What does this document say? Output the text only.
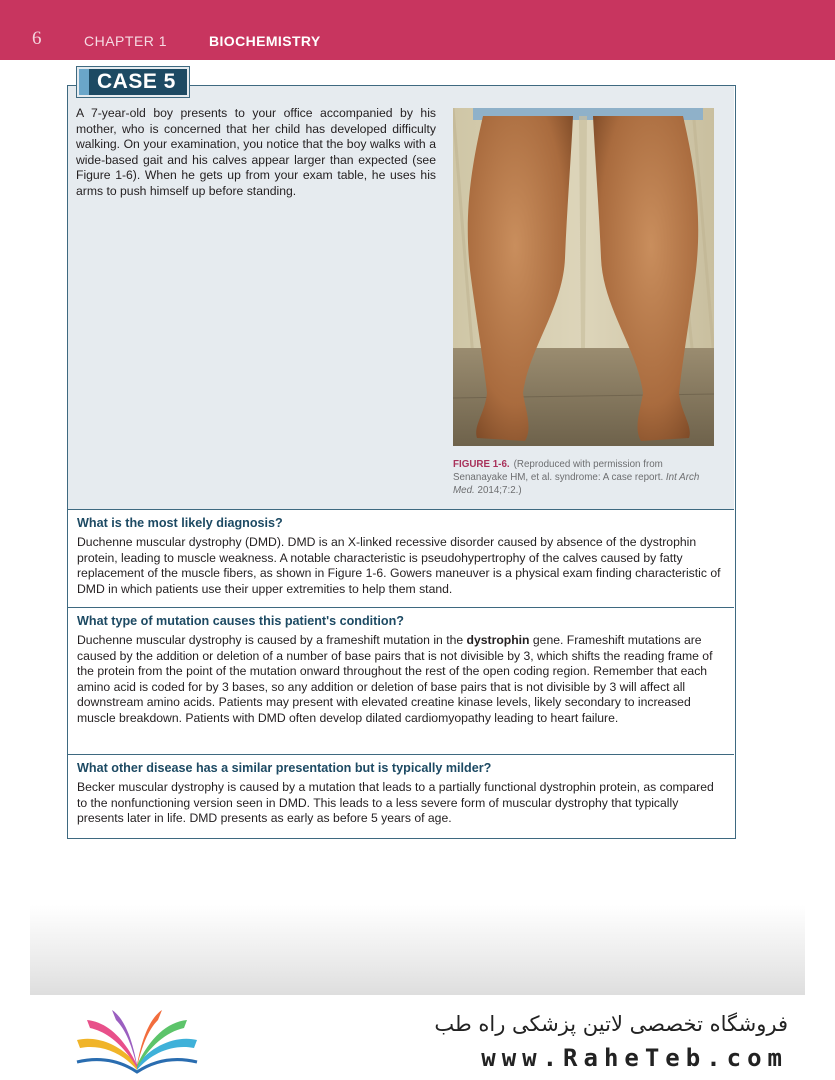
6	CHAPTER 1	BIOCHEMISTRY
CASE 5

A 7-year-old boy presents to your office accompanied by his mother, who is concerned that her child has developed difficulty walking. On your examination, you notice that the boy walks with a wide-based gait and his calves appear larger than expected (see Figure 1-6). When he gets up from your exam table, he uses his arms to push himself up before standing.

FIGURE 1-6. (Reproduced with permission from Senanayake HM, et al. syndrome: A case report. Int Arch Med. 2014;7:2.)

What is the most likely diagnosis?

Duchenne muscular dystrophy (DMD). DMD is an X-linked recessive disorder caused by absence of the dystrophin protein, leading to muscle weakness. A notable characteristic is pseudohypertrophy of the calves caused by fatty replacement of the muscle fibers, as shown in Figure 1-6. Gowers maneuver is a physical exam finding characteristic of DMD in which patients use their upper extremities to help them stand.

What type of mutation causes this patient's condition?

Duchenne muscular dystrophy is caused by a frameshift mutation in the dystrophin gene. Frameshift mutations are caused by the addition or deletion of a number of base pairs that is not divisible by 3, which shifts the reading frame of the protein from the point of the mutation onward throughout the rest of the open coding region. Remember that each amino acid is coded for by 3 bases, so any addition or deletion of base pairs that is not divisible by 3 will affect all downstream amino acids. Patients may present with elevated creatine kinase levels, likely secondary to increased muscle breakdown. Patients with DMD often develop dilated cardiomyopathy leading to heart failure.

What other disease has a similar presentation but is typically milder?

Becker muscular dystrophy is caused by a mutation that leads to a partially functional dystrophin protein, as compared to the nonfunctioning version seen in DMD. This leads to a less severe form of muscular dystrophy that typically presents later in life. DMD presents as early as before 5 years of age.

فروشگاه تخصصی لاتین پزشکی راه طب
www.RaheTeb.com
